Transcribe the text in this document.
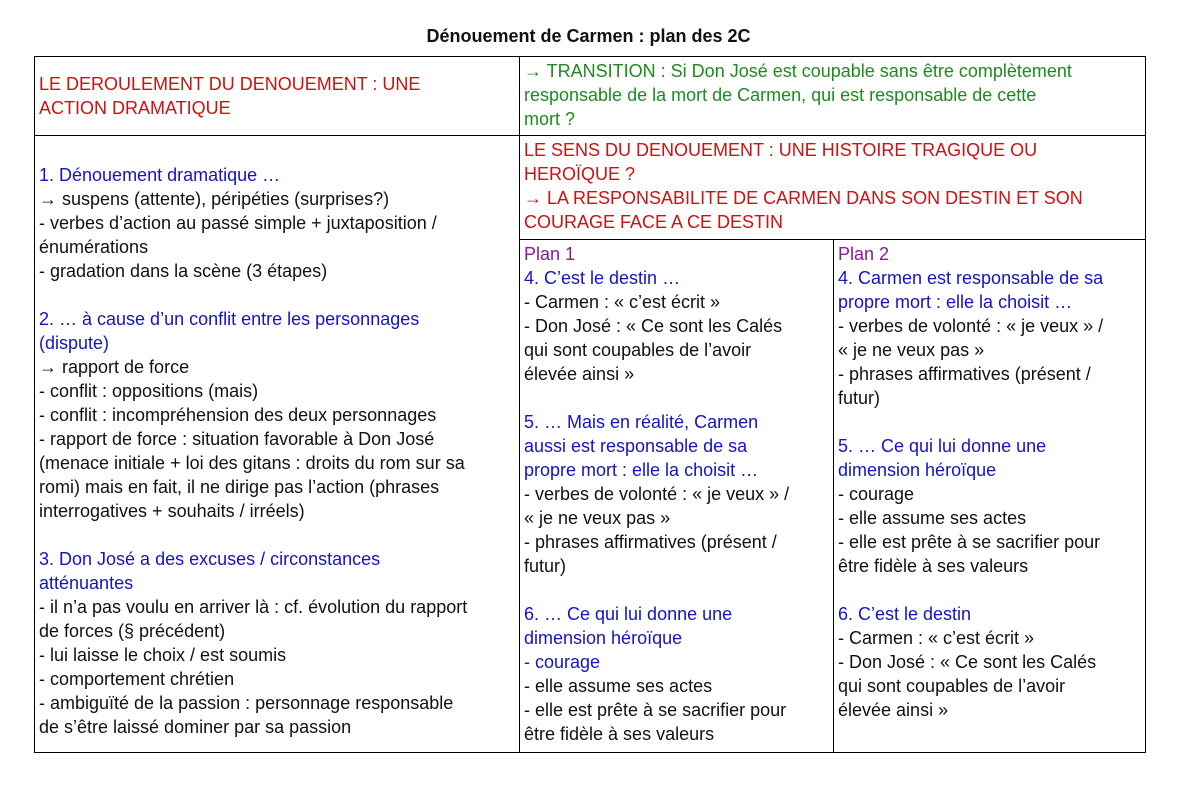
Dénouement de Carmen : plan des 2C
LE DEROULEMENT DU DENOUEMENT : UNE
ACTION DRAMATIQUE
→ TRANSITION : Si Don José est coupable sans être complètement
responsable de la mort de Carmen, qui est responsable de cette
mort ?
1. Dénouement dramatique …
→ suspens (attente), péripéties (surprises?)
- verbes d’action au passé simple + juxtaposition /
énumérations
- gradation dans la scène (3 étapes)
2. … à cause d’un conflit entre les personnages
(dispute)
→ rapport de force
- conflit : oppositions (mais)
- conflit : incompréhension des deux personnages
- rapport de force : situation favorable à Don José
(menace initiale + loi des gitans : droits du rom sur sa
romi) mais en fait, il ne dirige pas l’action (phrases
interrogatives + souhaits / irréels)
3. Don José a des excuses / circonstances
atténuantes
- il n’a pas voulu en arriver là : cf. évolution du rapport
de forces (§ précédent)
- lui laisse le choix / est soumis
- comportement chrétien
- ambiguïté de la passion : personnage responsable
de s’être laissé dominer par sa passion
LE SENS DU DENOUEMENT : UNE HISTOIRE TRAGIQUE OU
HEROÏQUE ?
→ LA RESPONSABILITE DE CARMEN DANS SON DESTIN ET SON
COURAGE FACE A CE DESTIN
Plan 1
4. C’est le destin …
- Carmen : « c’est écrit »
- Don José : « Ce sont les Calés
qui sont coupables de l’avoir
élevée ainsi »
5. … Mais en réalité, Carmen
aussi est responsable de sa
propre mort : elle la choisit …
- verbes de volonté : « je veux » /
« je ne veux pas »
- phrases affirmatives (présent /
futur)
6. … Ce qui lui donne une
dimension héroïque
- courage
- elle assume ses actes
- elle est prête à se sacrifier pour
être fidèle à ses valeurs
Plan 2
4. Carmen est responsable de sa
propre mort : elle la choisit …
- verbes de volonté : « je veux » /
« je ne veux pas »
- phrases affirmatives (présent /
futur)
5. … Ce qui lui donne une
dimension héroïque
- courage
- elle assume ses actes
- elle est prête à se sacrifier pour
être fidèle à ses valeurs
6. C’est le destin
- Carmen : « c’est écrit »
- Don José : « Ce sont les Calés
qui sont coupables de l’avoir
élevée ainsi »
